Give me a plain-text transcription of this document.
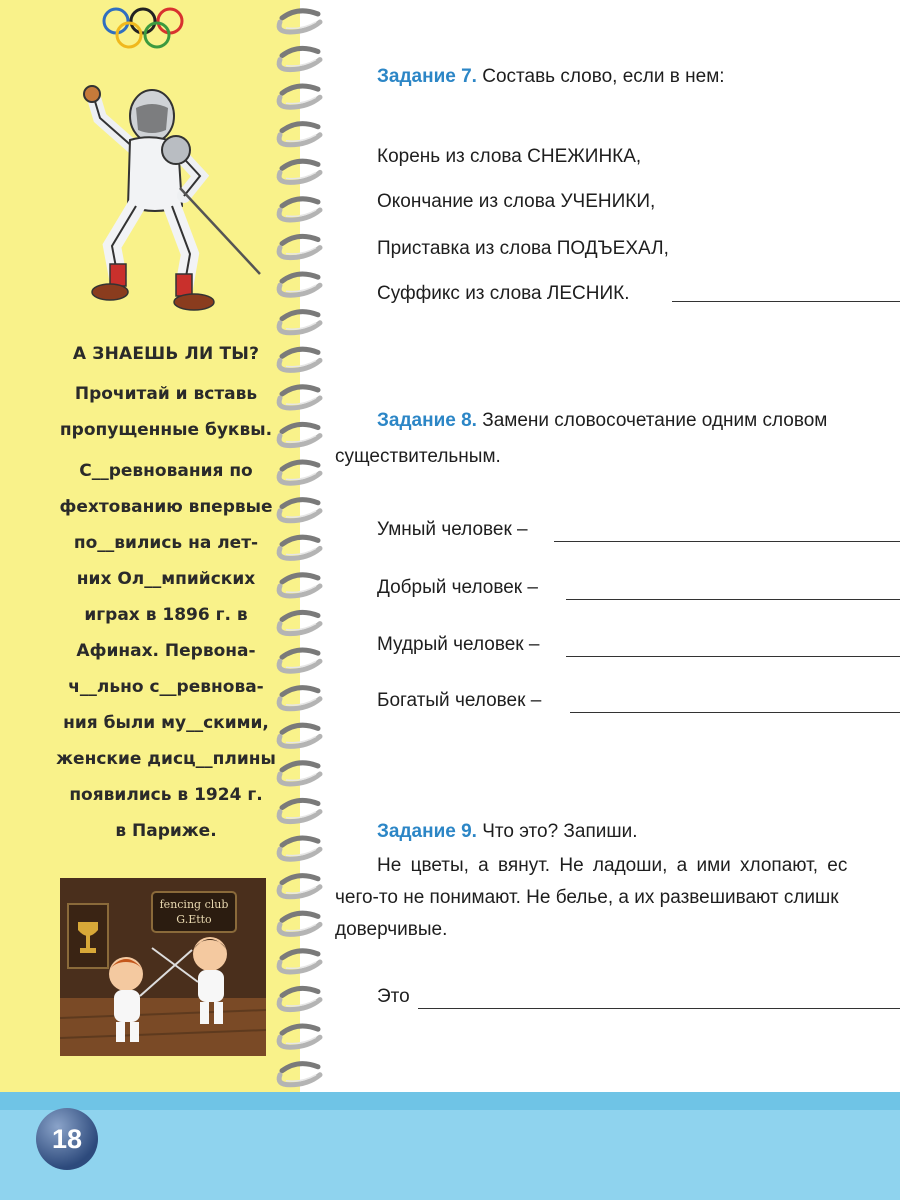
А ЗНАЕШЬ ЛИ ТЫ?
Прочитай и вставь
пропущенные буквы.
С__ревнования по
фехтованию впервые
по__вились на лет-
них Ол__мпийских
играх в 1896 г. в
Афинах. Первона-
ч__льно с__ревнова-
ния были му__скими,
женские дисц__плины
появились в 1924 г.
в Париже.
fencing club
G.Etto
18
Задание 7. Составь слово, если в нем:
Корень из слова СНЕЖИНКА,
Окончание из слова УЧЕНИКИ,
Приставка из слова ПОДЪЕХАЛ,
Суффикс из слова ЛЕСНИК.
Задание 8. Замени словосочетание одним словом
существительным.
Умный человек –
Добрый человек –
Мудрый человек –
Богатый человек –
Задание 9. Что это? Запиши.
Не цветы, а вянут. Не ладоши, а ими хлопают, ес
чего-то не понимают. Не белье, а их развешивают слишк
доверчивые.
Это
